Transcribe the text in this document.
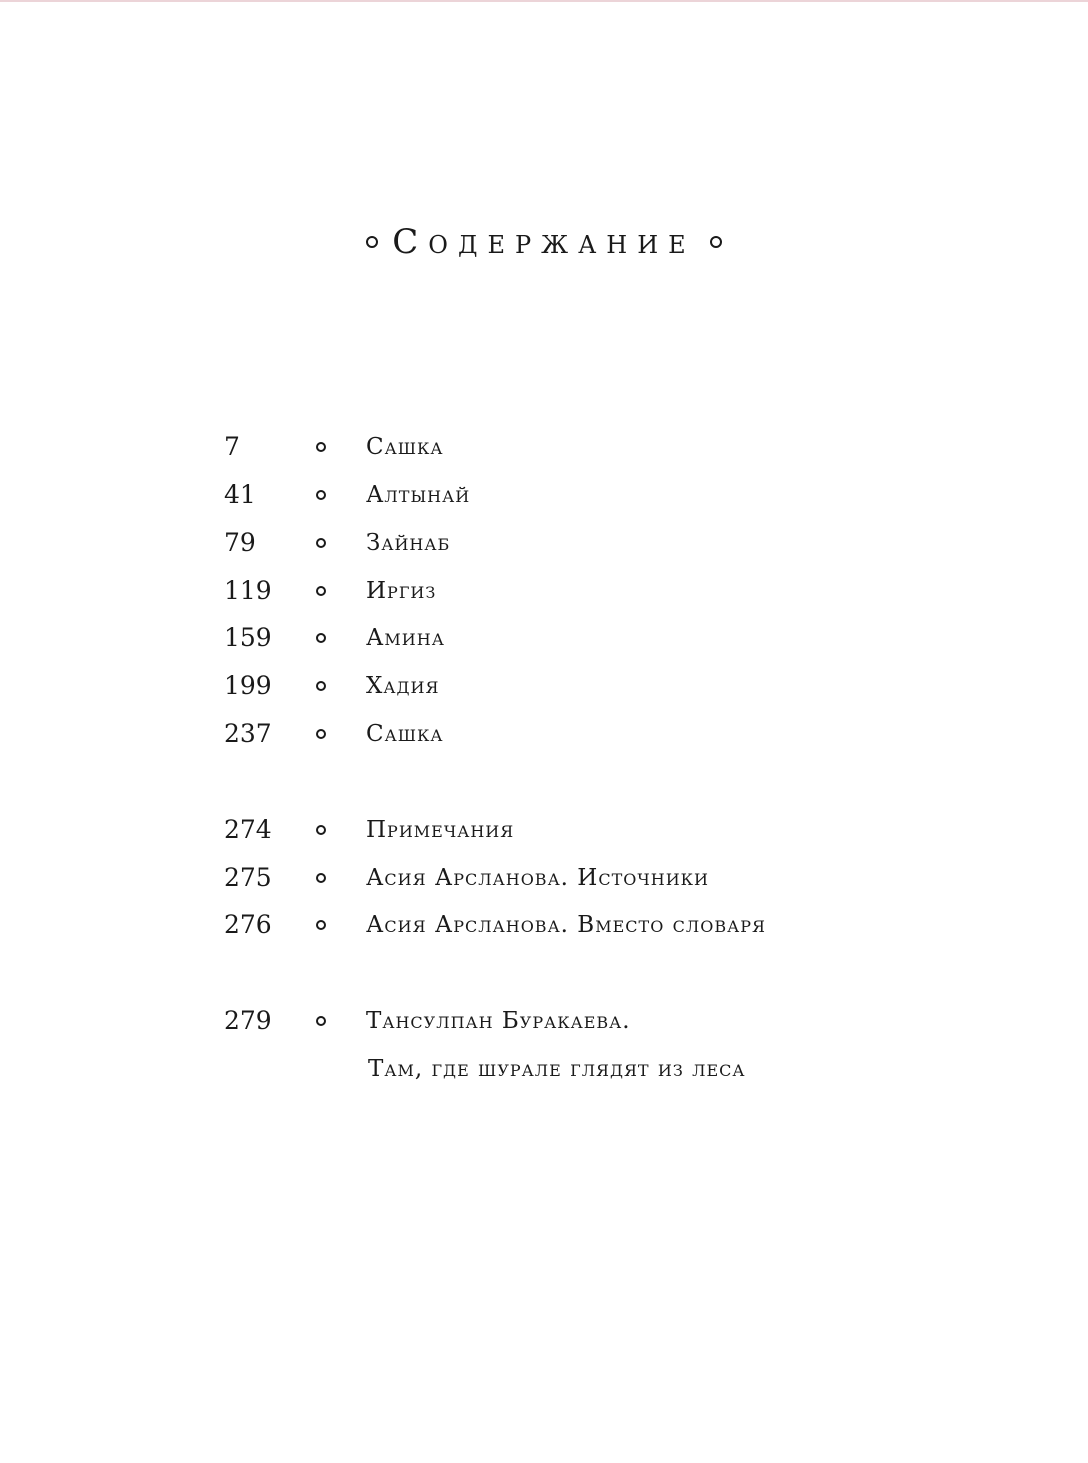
Содержание
7	Сашка
41	Алтынай
79	Зайнаб
119	Иргиз
159	Амина
199	Хадия
237	Сашка
274	Примечания
275	Асия Арсланова. Источники
276	Асия Арсланова. Вместо словаря
279	Тансулпан Буракаева.
Там, где шурале глядят из леса
